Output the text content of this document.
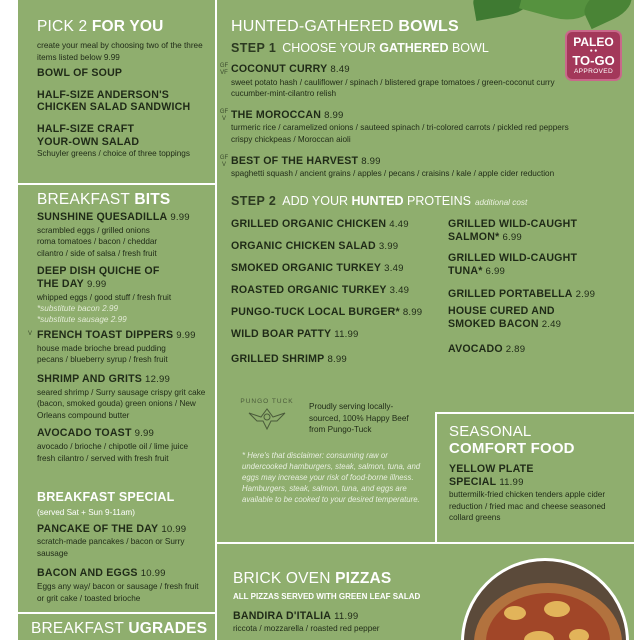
PICK 2 FOR YOU
create your meal by choosing two of the three items listed below 9.99
BOWL OF SOUP
HALF-SIZE ANDERSON'S CHICKEN SALAD SANDWICH
HALF-SIZE CRAFT YOUR-OWN SALAD
Schuyler greens / choice of three toppings
BREAKFAST BITS
SUNSHINE QUESADILLA 9.99
scrambled eggs / grilled onions roma tomatoes / bacon / cheddar cilantro / side of salsa / fresh fruit
DEEP DISH QUICHE OF THE DAY 9.99
whipped eggs / good stuff / fresh fruit
*substitute bacon 2.99
*substitute sausage 2.99
V FRENCH TOAST DIPPERS 9.99
house made brioche bread pudding pecans / blueberry syrup / fresh fruit
SHRIMP AND GRITS 12.99
seared shrimp / Surry sausage crispy grit cake (bacon, smoked gouda) green onions / New Orleans compound butter
AVOCADO TOAST 9.99
avocado / brioche / chipotle oil / lime juice fresh cilantro / served with fresh fruit
BREAKFAST SPECIAL
(served Sat + Sun 9-11am)
PANCAKE OF THE DAY 10.99
scratch-made pancakes / bacon or Surry sausage
BACON AND EGGS 10.99
Eggs any way/ bacon or sausage / fresh fruit or grit cake / toasted brioche
BREAKFAST UGRADES
HUNTED-GATHERED BOWLS
STEP 1 CHOOSE YOUR GATHERED BOWL	PALEO
● ●
TO-GO
APPROVED
GF VF COCONUT CURRY 8.49
sweet potato hash / cauliflower / spinach / blistered grape tomatoes / green-coconut curry cucumber-mint-cilantro relish
GF V THE MOROCCAN 8.99
turmeric rice / caramelized onions / sauteed spinach / tri-colored carrots / pickled red peppers crispy chickpeas / Moroccan aioli
GF V BEST OF THE HARVEST 8.99
spaghetti squash / ancient grains / apples / pecans / craisins / kale / apple cider reduction
STEP 2 ADD YOUR HUNTED PROTEINS additional cost
GRILLED ORGANIC CHICKEN 4.49
ORGANIC CHICKEN SALAD 3.99
SMOKED ORGANIC TURKEY 3.49
ROASTED ORGANIC TURKEY 3.49
PUNGO-TUCK LOCAL BURGER* 8.99
WILD BOAR PATTY 11.99
GRILLED SHRIMP 8.99
GRILLED WILD-CAUGHT SALMON* 6.99
GRILLED WILD-CAUGHT TUNA* 6.99
GRILLED PORTABELLA 2.99
HOUSE CURED AND SMOKED BACON 2.49
AVOCADO 2.89
PUNGO TUCK
Proudly serving locally-sourced, 100% Happy Beef from Pungo-Tuck
* Here's that disclaimer: consuming raw or undercooked hamburgers, steak, salmon, tuna, and eggs may increase your risk of food-borne illness. Hamburgers, steak, salmon, tuna, and eggs are available to be cooked to your desired temperature.
SEASONAL
COMFORT FOOD
YELLOW PLATE SPECIAL 11.99
buttermilk-fried chicken tenders apple cider reduction / fried mac and cheese seasoned collard greens
BRICK OVEN PIZZAS
ALL PIZZAS SERVED WITH GREEN LEAF SALAD
BANDIRA D'ITALIA 11.99
riccota / mozzarella / roasted red pepper
